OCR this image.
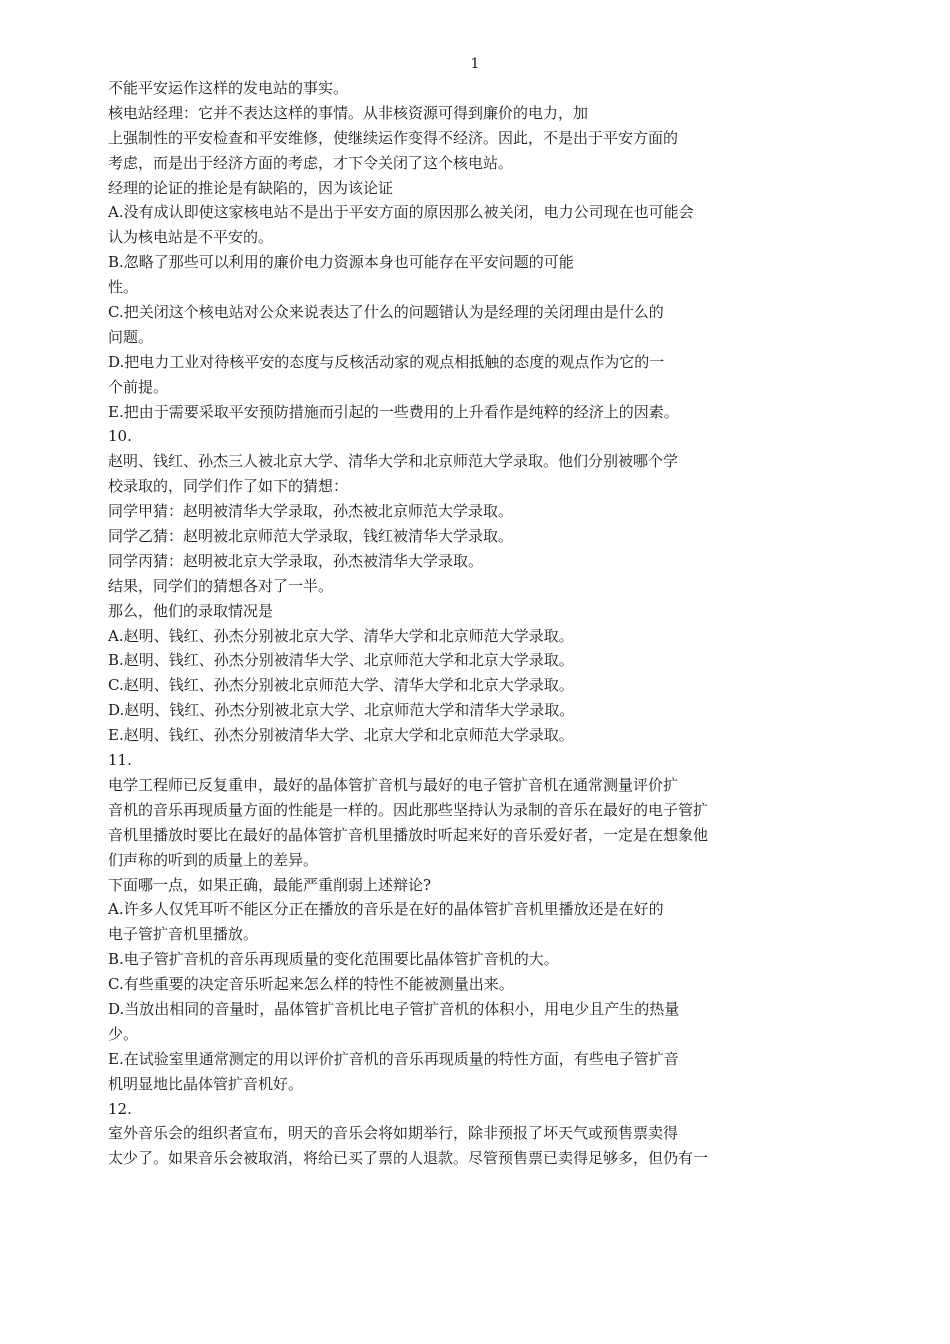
1
不能平安运作这样的发电站的事实。
核电站经理：它并不表达这样的事情。从非核资源可得到廉价的电力，加
上强制性的平安检查和平安维修，使继续运作变得不经济。因此，不是出于平安方面的
考虑，而是出于经济方面的考虑，才下令关闭了这个核电站。
经理的论证的推论是有缺陷的，因为该论证
A.没有成认即使这家核电站不是出于平安方面的原因那么被关闭，电力公司现在也可能会
认为核电站是不平安的。
B.忽略了那些可以利用的廉价电力资源本身也可能存在平安问题的可能
性。
C.把关闭这个核电站对公众来说表达了什么的问题错认为是经理的关闭理由是什么的
问题。
D.把电力工业对待核平安的态度与反核活动家的观点相抵触的态度的观点作为它的一
个前提。
E.把由于需要采取平安预防措施而引起的一些费用的上升看作是纯粹的经济上的因素。
10.
赵明、钱红、孙杰三人被北京大学、清华大学和北京师范大学录取。他们分别被哪个学
校录取的，同学们作了如下的猜想：
同学甲猜：赵明被清华大学录取，孙杰被北京师范大学录取。
同学乙猜：赵明被北京师范大学录取，钱红被清华大学录取。
同学丙猜：赵明被北京大学录取，孙杰被清华大学录取。
结果，同学们的猜想各对了一半。
那么，他们的录取情况是
A.赵明、钱红、孙杰分别被北京大学、清华大学和北京师范大学录取。
B.赵明、钱红、孙杰分别被清华大学、北京师范大学和北京大学录取。
C.赵明、钱红、孙杰分别被北京师范大学、清华大学和北京大学录取。
D.赵明、钱红、孙杰分别被北京大学、北京师范大学和清华大学录取。
E.赵明、钱红、孙杰分别被清华大学、北京大学和北京师范大学录取。
11.
电学工程师已反复重申，最好的晶体管扩音机与最好的电子管扩音机在通常测量评价扩
音机的音乐再现质量方面的性能是一样的。因此那些坚持认为录制的音乐在最好的电子管扩
音机里播放时要比在最好的晶体管扩音机里播放时听起来好的音乐爱好者，一定是在想象他
们声称的听到的质量上的差异。
下面哪一点，如果正确，最能严重削弱上述辩论?
A.许多人仅凭耳听不能区分正在播放的音乐是在好的晶体管扩音机里播放还是在好的
电子管扩音机里播放。
B.电子管扩音机的音乐再现质量的变化范围要比晶体管扩音机的大。
C.有些重要的决定音乐听起来怎么样的特性不能被测量出来。
D.当放出相同的音量时，晶体管扩音机比电子管扩音机的体积小，用电少且产生的热量
少。
E.在试验室里通常测定的用以评价扩音机的音乐再现质量的特性方面，有些电子管扩音
机明显地比晶体管扩音机好。
12.
室外音乐会的组织者宣布，明天的音乐会将如期举行，除非预报了坏天气或预售票卖得
太少了。如果音乐会被取消，将给已买了票的人退款。尽管预售票已卖得足够多，但仍有一
